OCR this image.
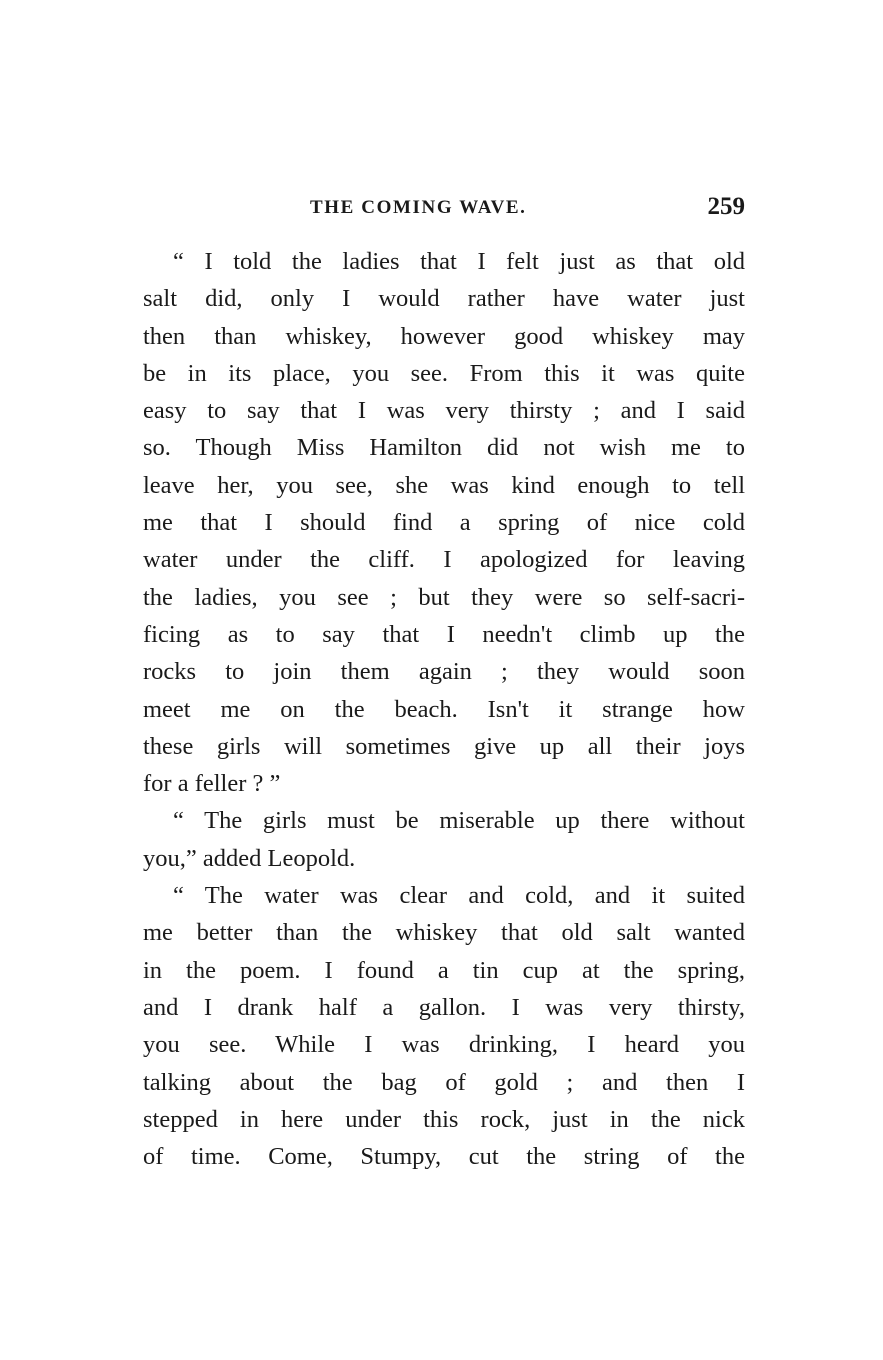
THE COMING WAVE.	259
“ I told the ladies that I felt just as that old
salt did, only I would rather have water just
then than whiskey, however good whiskey may
be in its place, you see. From this it was quite
easy to say that I was very thirsty ; and I said
so. Though Miss Hamilton did not wish me to
leave her, you see, she was kind enough to tell
me that I should find a spring of nice cold
water under the cliff. I apologized for leaving
the ladies, you see ; but they were so self-sacri-
ficing as to say that I needn't climb up the
rocks to join them again ; they would soon
meet me on the beach. Isn't it strange how
these girls will sometimes give up all their joys
for a feller ? ”
“ The girls must be miserable up there without
you,” added Leopold.
“ The water was clear and cold, and it suited
me better than the whiskey that old salt wanted
in the poem. I found a tin cup at the spring,
and I drank half a gallon. I was very thirsty,
you see. While I was drinking, I heard you
talking about the bag of gold ; and then I
stepped in here under this rock, just in the nick
of time. Come, Stumpy, cut the string of the
